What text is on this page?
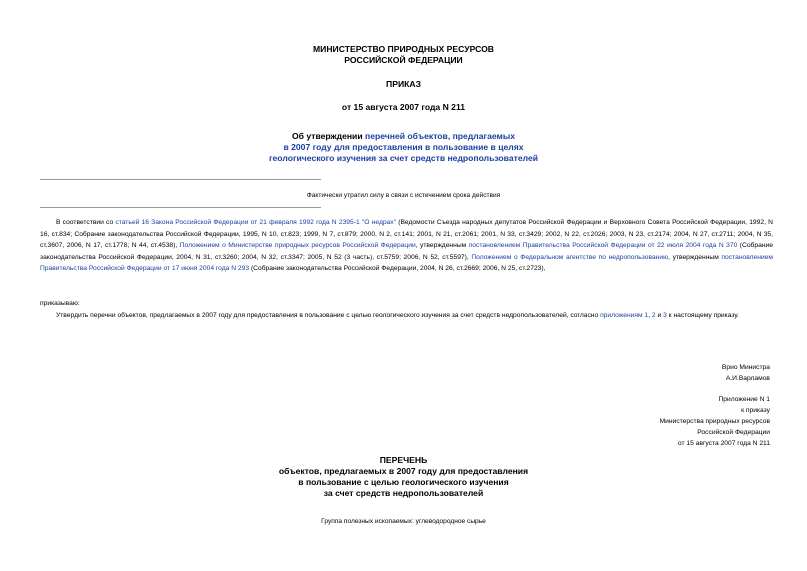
МИНИСТЕРСТВО ПРИРОДНЫХ РЕСУРСОВ
РОССИЙСКОЙ ФЕДЕРАЦИИ
ПРИКАЗ
от 15 августа 2007 года N 211
Об утверждении перечней объектов, предлагаемых
в 2007 году для предоставления в пользование в целях
геологического изучения за счет средств недропользователей
Фактически утратил силу в связи с истечением срока действия
В соответствии со статьей 16 Закона Российской Федерации от 21 февраля 1992 года N 2395-1 "О недрах" (Ведомости Съезда народных депутатов Российской Федерации и Верховного Совета Российской Федерации, 1992, N 16, ст.834; Собрание законодательства Российской Федерации, 1995, N 10, ст.823; 1999, N 7, ст.879; 2000, N 2, ст.141; 2001, N 21, ст.2061; 2001, N 33, ст.3429; 2002, N 22, ст.2026; 2003, N 23, ст.2174; 2004, N 27, ст.2711; 2004, N 35, ст.3607, 2006, N 17, ст.1778; N 44, ст.4538), Положением о Министерстве природных ресурсов Российской Федерации, утвержденным постановлением Правительства Российской Федерации от 22 июля 2004 года N 370 (Собрание законодательства Российской Федерации, 2004, N 31, ст.3260; 2004, N 32, ст.3347; 2005, N 52 (3 часть), ст.5759; 2006, N 52, ст.5597), Положением о Федеральном агентстве по недропользованию, утвержденным постановлением Правительства Российской Федерации от 17 июня 2004 года N 293 (Собрание законодательства Российской Федерации, 2004, N 26, ст.2669; 2006, N 25, ст.2723),
приказываю:
Утвердить перечни объектов, предлагаемых в 2007 году для предоставления в пользование с целью геологического изучения за счет средств недропользователей, согласно приложениям 1, 2 и 3 к настоящему приказу.
Врио Министра
А.И.Варламов
Приложение N 1
к приказу
Министерства природных ресурсов
Российской Федерации
от 15 августа 2007 года N 211
ПЕРЕЧЕНЬ
объектов, предлагаемых в 2007 году для предоставления
в пользование с целью геологического изучения
за счет средств недропользователей
Группа полезных ископаемых: углеводородное сырье
